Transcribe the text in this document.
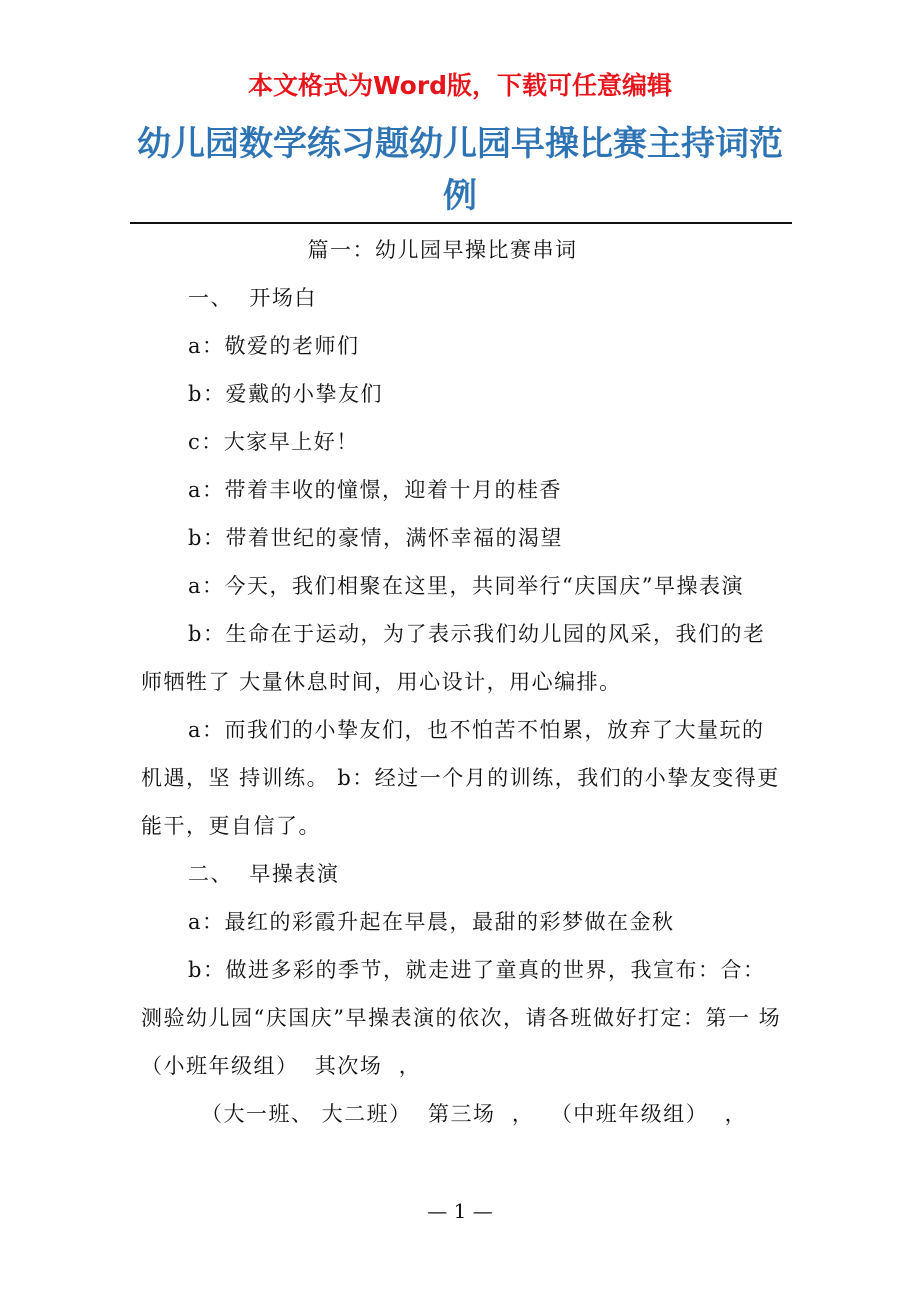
本文格式为Word版，下载可任意编辑
幼儿园数学练习题幼儿园早操比赛主持词范例

篇一：幼儿园早操比赛串词

一、  开场白

a：敬爱的老师们

b：爱戴的小挚友们

c：大家早上好！

a：带着丰收的憧憬，迎着十月的桂香

b：带着世纪的豪情，满怀幸福的渴望

a：今天，我们相聚在这里，共同举行“庆国庆”早操表演

b：生命在于运动，为了表示我们幼儿园的风采，我们的老师牺牲了 大量休息时间，用心设计，用心编排。

a：而我们的小挚友们，也不怕苦不怕累，放弃了大量玩的机遇，坚 持训练。 b：经过一个月的训练，我们的小挚友变得更能干，更自信了。

二、  早操表演

a：最红的彩霞升起在早晨，最甜的彩梦做在金秋

b：做进多彩的季节，就走进了童真的世界，我宣布：合：测验幼儿园“庆国庆”早操表演的依次，请各班做好打定：第一 场  （小班年级组）  其次场  ，

（大一班、 大二班）  第三场  ，  （中班年级组）  ，

— 1 —
